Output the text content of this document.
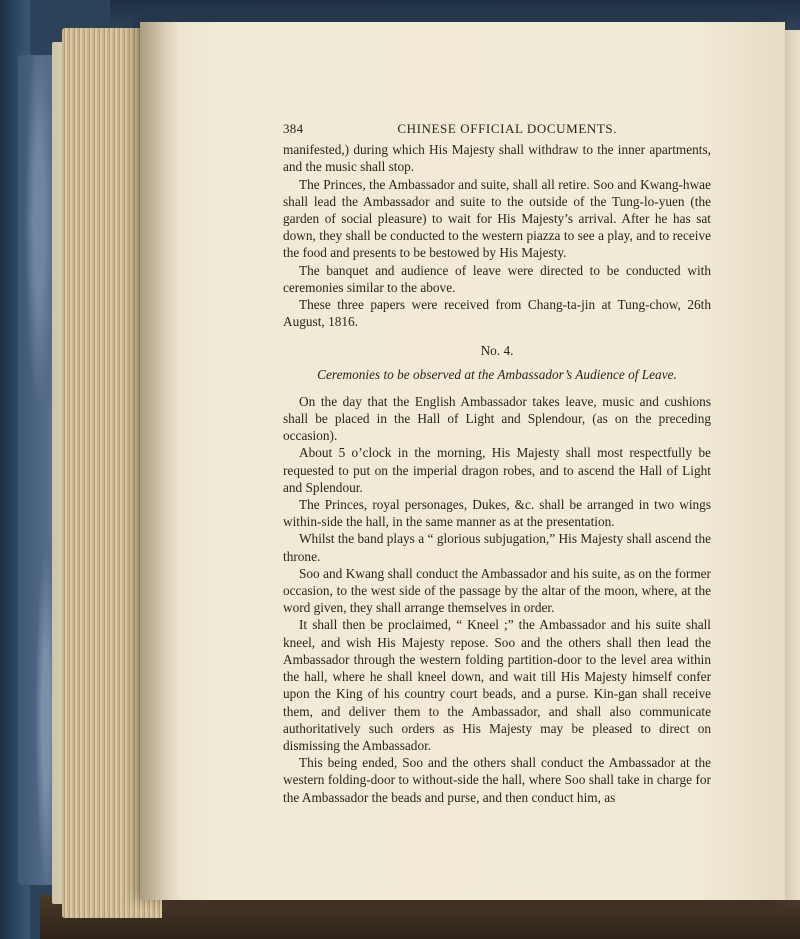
384	CHINESE OFFICIAL DOCUMENTS.

manifested,) during which His Majesty shall withdraw to the inner apartments, and the music shall stop.

The Princes, the Ambassador and suite, shall all retire. Soo and Kwang-hwae shall lead the Ambassador and suite to the outside of the Tung-lo-yuen (the garden of social pleasure) to wait for His Majesty’s arrival. After he has sat down, they shall be conducted to the western piazza to see a play, and to receive the food and presents to be bestowed by His Majesty.

The banquet and audience of leave were directed to be conducted with ceremonies similar to the above.

These three papers were received from Chang-ta-jin at Tung-chow, 26th August, 1816.

No. 4.
Ceremonies to be observed at the Ambassador’s Audience of Leave.

On the day that the English Ambassador takes leave, music and cushions shall be placed in the Hall of Light and Splendour, (as on the preceding occasion).

About 5 o’clock in the morning, His Majesty shall most respectfully be requested to put on the imperial dragon robes, and to ascend the Hall of Light and Splendour.

The Princes, royal personages, Dukes, &c. shall be arranged in two wings within-side the hall, in the same manner as at the presentation.

Whilst the band plays a “ glorious subjugation,” His Majesty shall ascend the throne.

Soo and Kwang shall conduct the Ambassador and his suite, as on the former occasion, to the west side of the passage by the altar of the moon, where, at the word given, they shall arrange themselves in order.

It shall then be proclaimed, “ Kneel ;” the Ambassador and his suite shall kneel, and wish His Majesty repose. Soo and the others shall then lead the Ambassador through the western folding partition-door to the level area within the hall, where he shall kneel down, and wait till His Majesty himself confer upon the King of his country court beads, and a purse. Kin-gan shall receive them, and deliver them to the Ambassador, and shall also communicate authoritatively such orders as His Majesty may be pleased to direct on dismissing the Ambassador.

This being ended, Soo and the others shall conduct the Ambassador at the western folding-door to without-side the hall, where Soo shall take in charge for the Ambassador the beads and purse, and then conduct him, as
